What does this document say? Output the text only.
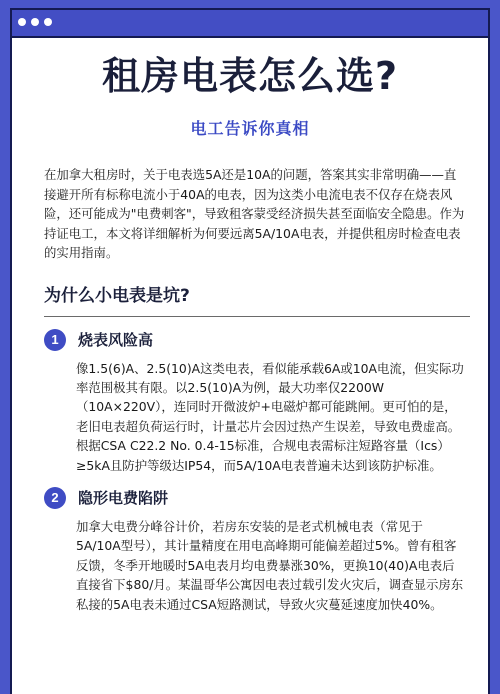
租房电表怎么选?
电工告诉你真相
在加拿大租房时，关于电表选5A还是10A的问题，答案其实非常明确——直接避开所有标称电流小于40A的电表，因为这类小电流电表不仅存在烧表风险，还可能成为"电费刺客"，导致租客蒙受经济损失甚至面临安全隐患。作为持证电工，本文将详细解析为何要远离5A/10A电表，并提供租房时检查电表的实用指南。
为什么小电表是坑?
1	烧表风险高
像1.5(6)A、2.5(10)A这类电表，看似能承载6A或10A电流，但实际功率范围极其有限。以2.5(10)A为例，最大功率仅2200W（10A×220V），连同时开微波炉+电磁炉都可能跳闸。更可怕的是，老旧电表超负荷运行时，计量芯片会因过热产生误差，导致电费虚高。根据CSA C22.2 No. 0.4-15标准，合规电表需标注短路容量（Ics）≥5kA且防护等级达IP54，而5A/10A电表普遍未达到该防护标准。
2	隐形电费陷阱
加拿大电费分峰谷计价，若房东安装的是老式机械电表（常见于5A/10A型号），其计量精度在用电高峰期可能偏差超过5%。曾有租客反馈，冬季开地暖时5A电表月均电费暴涨30%，更换10(40)A电表后直接省下$80/月。某温哥华公寓因电表过载引发火灾后，调查显示房东私接的5A电表未通过CSA短路测试，导致火灾蔓延速度加快40%。
